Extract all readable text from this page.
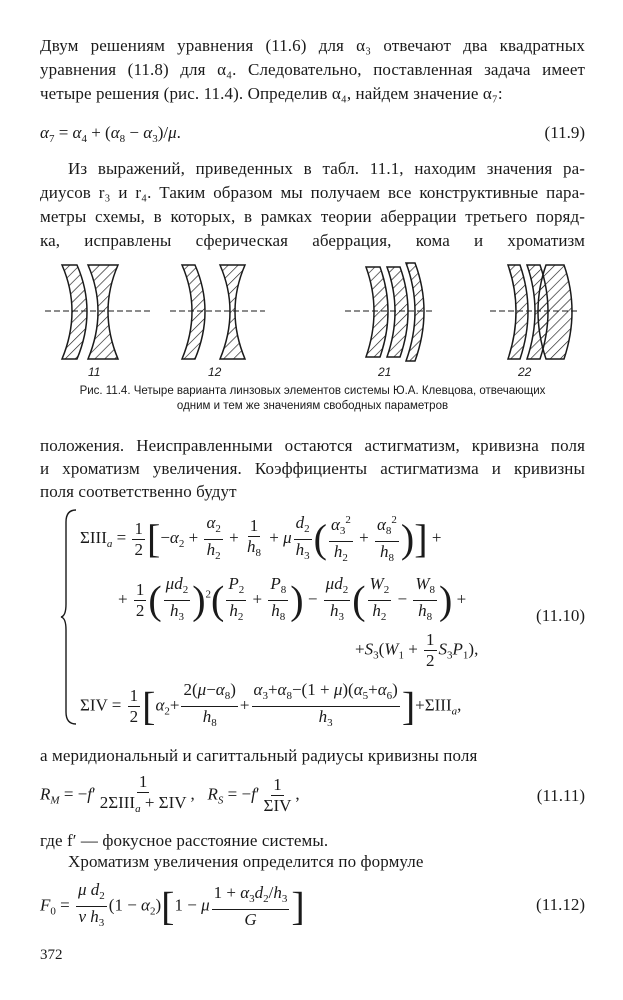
Двум решениям уравнения (11.6) для α₃ отвечают два квадратных
уравнения (11.8) для α₄. Следовательно, поставленная задача имеет
четыре решения (рис. 11.4). Определив α₄, найдем значение α₇:
$\alpha_7 = \alpha_4 + (\alpha_8 - \alpha_3)/\mu$.	(11.9)
Из выражений, приведенных в табл. 11.1, находим значения ра-
диусов r₃ и r₄. Таким образом мы получаем все конструктивные пара-
метры схемы, в которых, в рамках теории аберрации третьего поряд-
ка, исправлены сферическая аберрация, кома и хроматизм
11	12	21	22
Рис. 11.4. Четыре варианта линзовых элементов системы Ю.А. Клевцова, отвечающих
одним и тем же значениям свободных параметров
положения. Неисправленными остаются астигматизм, кривизна поля
и хроматизм увеличения. Коэффициенты астигматизма и кривизны
поля соответственно будут
$\Sigma III_a = \frac{1}{2} [-\alpha_2 + \frac{\alpha_2}{h_2} + \frac{1}{h_8} + \mu \frac{d_2}{h_3}$ ( $\frac{\alpha_3^2}{h_2} + \frac{\alpha_8^2}{h_8}$ )] +
+ $\frac{1}{2}$ ( $\frac{\mu d_2}{h_3} )^2( \frac{P_2}{h_2} + \frac{P_8}{h_8}$ ) − $\frac{\mu d_2}{h_3}$ ( $\frac{W_2}{h_2} - \frac{W_8}{h_8}$ ) +
$+S_3(W_1 + \frac{1}{2} S_3P_1)$,
(11.10)
$\Sigma IV = \frac{1}{2} [\alpha_2+ \frac{2(\mu-\alpha_8)}{h_8} + \frac{\alpha_3+\alpha_8-(1 + \mu)(\alpha_5+\alpha_6)}{h_3} ]+\Sigma III_a$,
а меридиональный и сагиттальный радиусы кривизны поля
$R_M = -f' \frac{1}{2\Sigma III_a + \Sigma IV}$ ,   $R_S = -f' \frac{1}{\text{ΣIV}}$ ,	(11.11)
где f′ — фокусное расстояние системы.
Хроматизм увеличения определится по формуле
$F_0 = \frac{\mu d_2}{\nu h_3} (1 - \alpha_2)[1 - \mu \frac{1 + \alpha_3d_2/h_3}{G}$ ]	(11.12)
372
